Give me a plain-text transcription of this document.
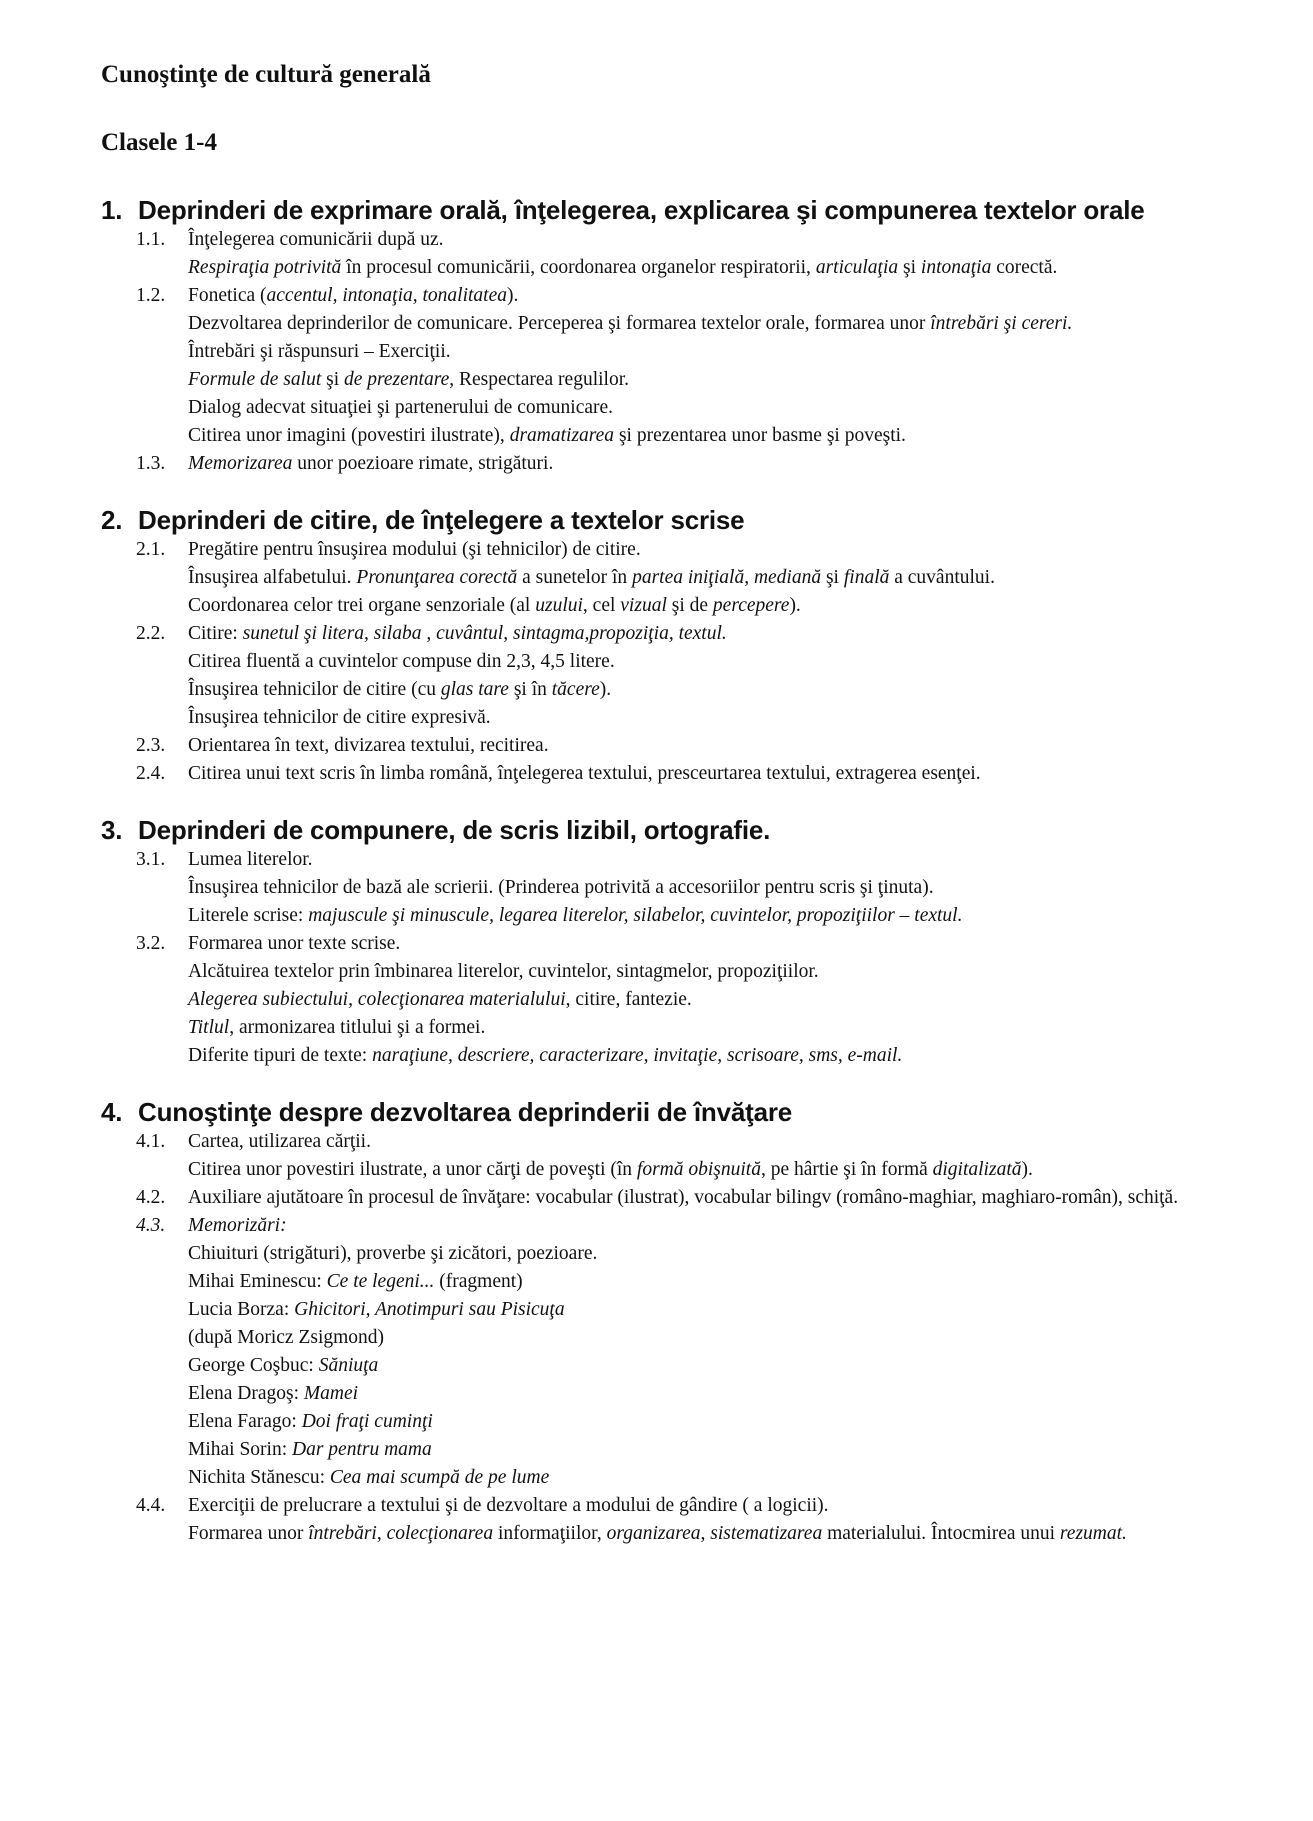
Cunoştinţe de cultură generală
Clasele 1-4
1. Deprinderi de exprimare orală, înţelegerea, explicarea şi compunerea textelor orale
1.1.	Înţelegerea comunicării după uz.
Respiraţia potrivită în procesul comunicării, coordonarea organelor respiratorii, articulaţia şi intonaţia corectă.
1.2.	Fonetica (accentul, intonaţia, tonalitatea).
Dezvoltarea deprinderilor de comunicare. Perceperea şi formarea textelor orale, formarea unor întrebări şi cereri.
Întrebări şi răspunsuri – Exerciţii.
Formule de salut şi de prezentare, Respectarea regulilor.
Dialog adecvat situaţiei şi partenerului de comunicare.
Citirea unor imagini (povestiri ilustrate), dramatizarea şi prezentarea unor basme şi poveşti.
1.3.	Memorizarea unor poezioare rimate, strigături.
2. Deprinderi de citire, de înţelegere a textelor scrise
2.1.	Pregătire pentru însuşirea modului (şi tehnicilor) de citire.
Însuşirea alfabetului. Pronunţarea corectă a sunetelor în partea iniţială, mediană şi finală a cuvântului.
Coordonarea celor trei organe senzoriale (al uzului, cel vizual şi de percepere).
2.2.	Citire: sunetul şi litera, silaba , cuvântul, sintagma,propoziţia, textul.
Citirea fluentă a cuvintelor compuse din 2,3, 4,5 litere.
Însuşirea tehnicilor de citire (cu glas tare şi în tăcere).
Însuşirea tehnicilor de citire expresivă.
2.3.	Orientarea în text, divizarea textului, recitirea.
2.4.	Citirea unui text scris în limba română, înţelegerea textului, presceurtarea textului, extragerea esenţei.
3. Deprinderi de compunere, de scris lizibil, ortografie.
3.1.	Lumea literelor.
Însuşirea tehnicilor de bază ale scrierii. (Prinderea potrivită a accesoriilor pentru scris şi ţinuta).
Literele scrise: majuscule şi minuscule, legarea literelor, silabelor, cuvintelor, propoziţiilor – textul.
3.2.	Formarea unor texte scrise.
Alcătuirea textelor prin îmbinarea literelor, cuvintelor, sintagmelor, propoziţiilor.
Alegerea subiectului, colecţionarea materialului, citire, fantezie.
Titlul, armonizarea titlului şi a formei.
Diferite tipuri de texte: naraţiune, descriere, caracterizare, invitaţie, scrisoare, sms, e-mail.
4. Cunoştinţe despre dezvoltarea deprinderii de învăţare
4.1.	Cartea, utilizarea cărţii.
Citirea unor povestiri ilustrate, a unor cărţi de poveşti (în formă obişnuită, pe hârtie şi în formă digitalizată).
4.2.	Auxiliare ajutătoare în procesul de învăţare: vocabular (ilustrat), vocabular bilingv (româno-maghiar, maghiaro-român), schiţă.
4.3.	Memorizări:
Chiuituri (strigături), proverbe şi zicători, poezioare.
Mihai Eminescu: Ce te legeni... (fragment)
Lucia Borza: Ghicitori, Anotimpuri sau Pisicuţa
(după Moricz Zsigmond)
George Coşbuc: Săniuţa
Elena Dragoş: Mamei
Elena Farago: Doi fraţi cuminţi
Mihai Sorin: Dar pentru mama
Nichita Stănescu: Cea mai scumpă de pe lume
4.4.	Exerciţii de prelucrare a textului şi de dezvoltare a modului de gândire ( a logicii).
Formarea unor întrebări, colecţionarea informaţiilor, organizarea, sistematizarea materialului. Întocmirea unui rezumat.
